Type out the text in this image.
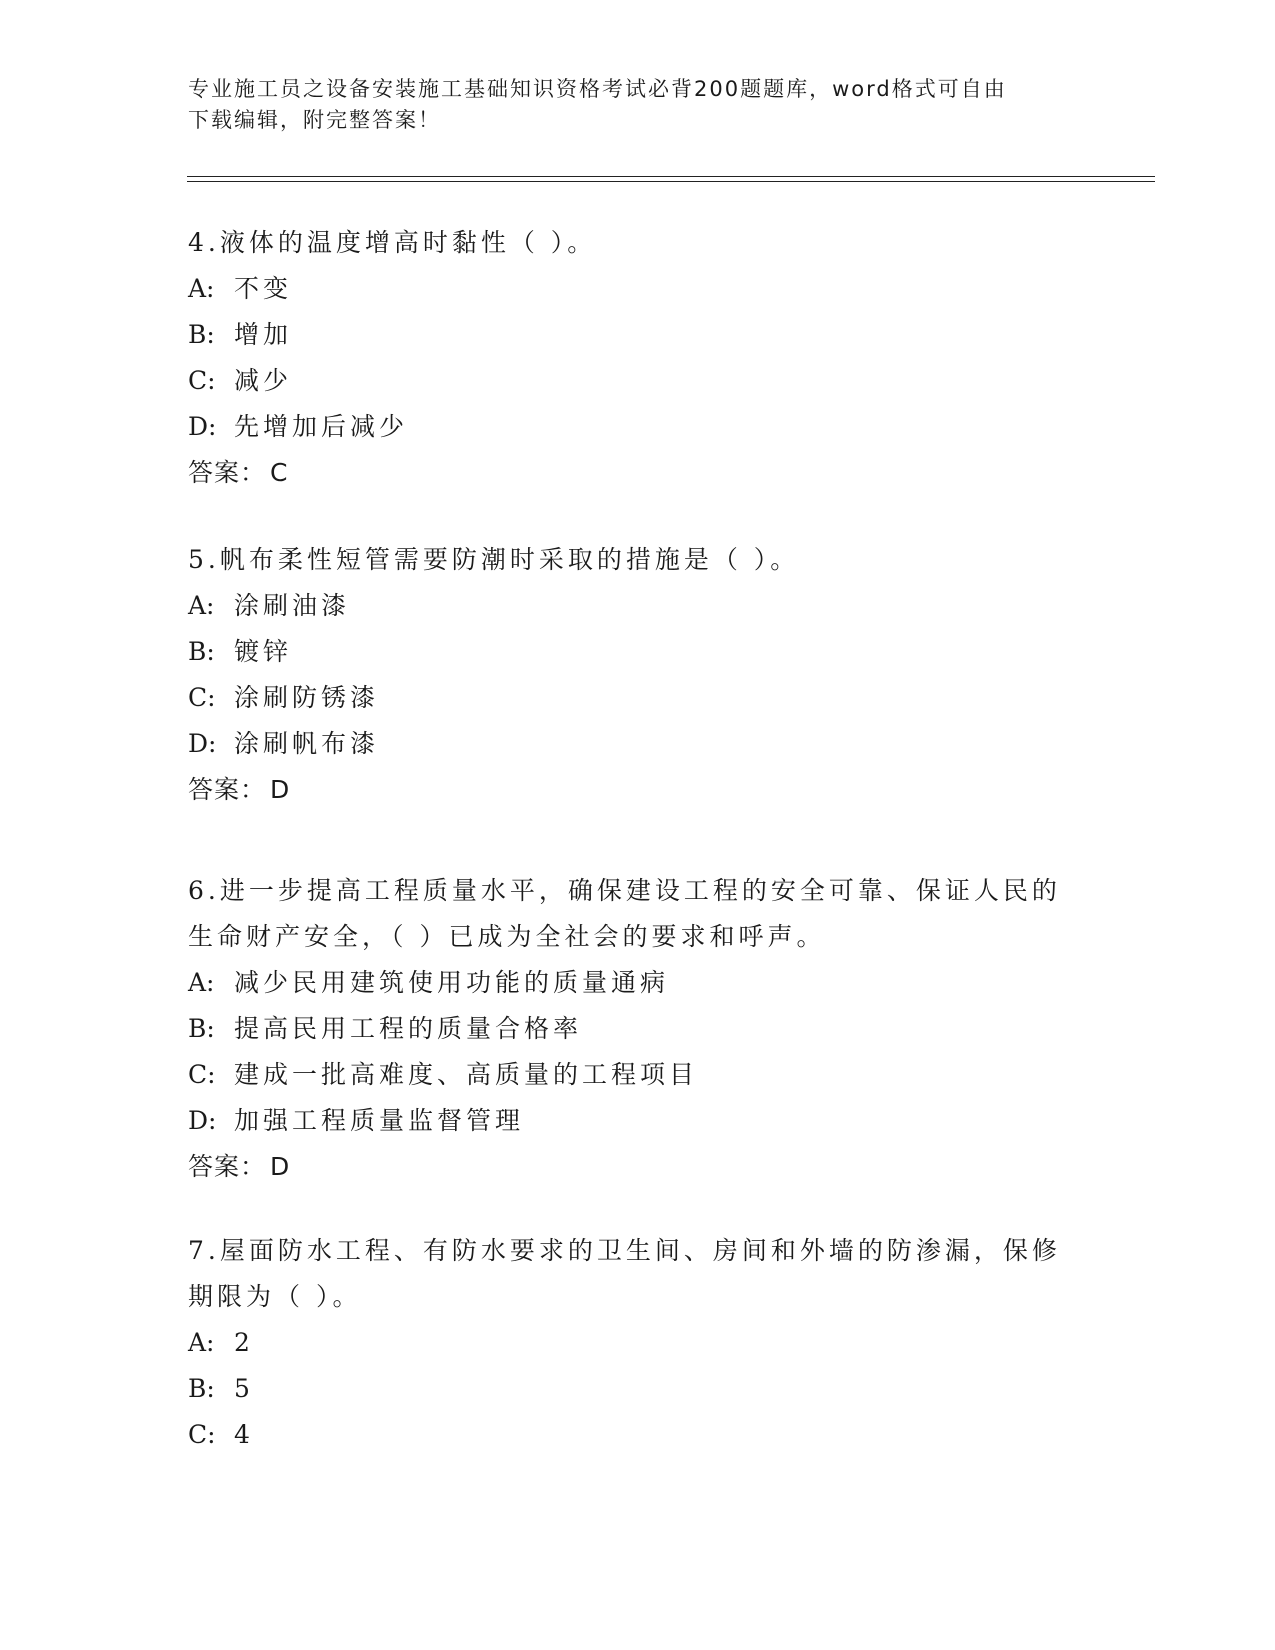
专业施工员之设备安装施工基础知识资格考试必背200题题库，word格式可自由
下载编辑，附完整答案！

4.液体的温度增高时黏性（ ）。

A: 不变

B: 增加

C: 减少

D: 先增加后减少

答案： C

5.帆布柔性短管需要防潮时采取的措施是（ ）。

A: 涂刷油漆

B: 镀锌

C: 涂刷防锈漆

D: 涂刷帆布漆

答案： D

6.进一步提高工程质量水平，确保建设工程的安全可靠、保证人民的生命财产安全，（ ）已成为全社会的要求和呼声。

A: 减少民用建筑使用功能的质量通病

B: 提高民用工程的质量合格率

C: 建成一批高难度、高质量的工程项目

D: 加强工程质量监督管理

答案： D

7.屋面防水工程、有防水要求的卫生间、房间和外墙的防渗漏，保修期限为（ ）。

A: 2

B: 5

C: 4
